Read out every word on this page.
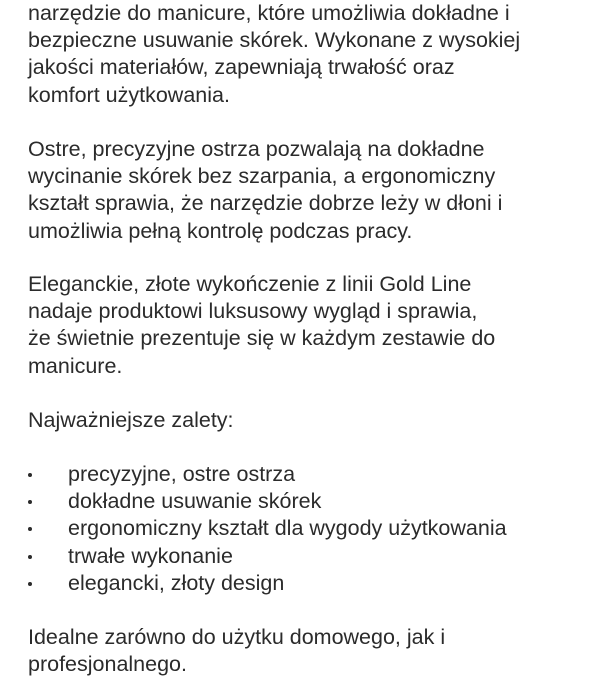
narzędzie do manicure, które umożliwia dokładne i
bezpieczne usuwanie skórek. Wykonane z wysokiej
jakości materiałów, zapewniają trwałość oraz
komfort użytkowania.

Ostre, precyzyjne ostrza pozwalają na dokładne
wycinanie skórek bez szarpania, a ergonomiczny
kształt sprawia, że narzędzie dobrze leży w dłoni i
umożliwia pełną kontrolę podczas pracy.

Eleganckie, złote wykończenie z linii Gold Line
nadaje produktowi luksusowy wygląd i sprawia,
że świetnie prezentuje się w każdym zestawie do
manicure.

Najważniejsze zalety:

precyzyjne, ostre ostrza
dokładne usuwanie skórek
ergonomiczny kształt dla wygody użytkowania
trwałe wykonanie
elegancki, złoty design

Idealne zarówno do użytku domowego, jak i
profesjonalnego.
